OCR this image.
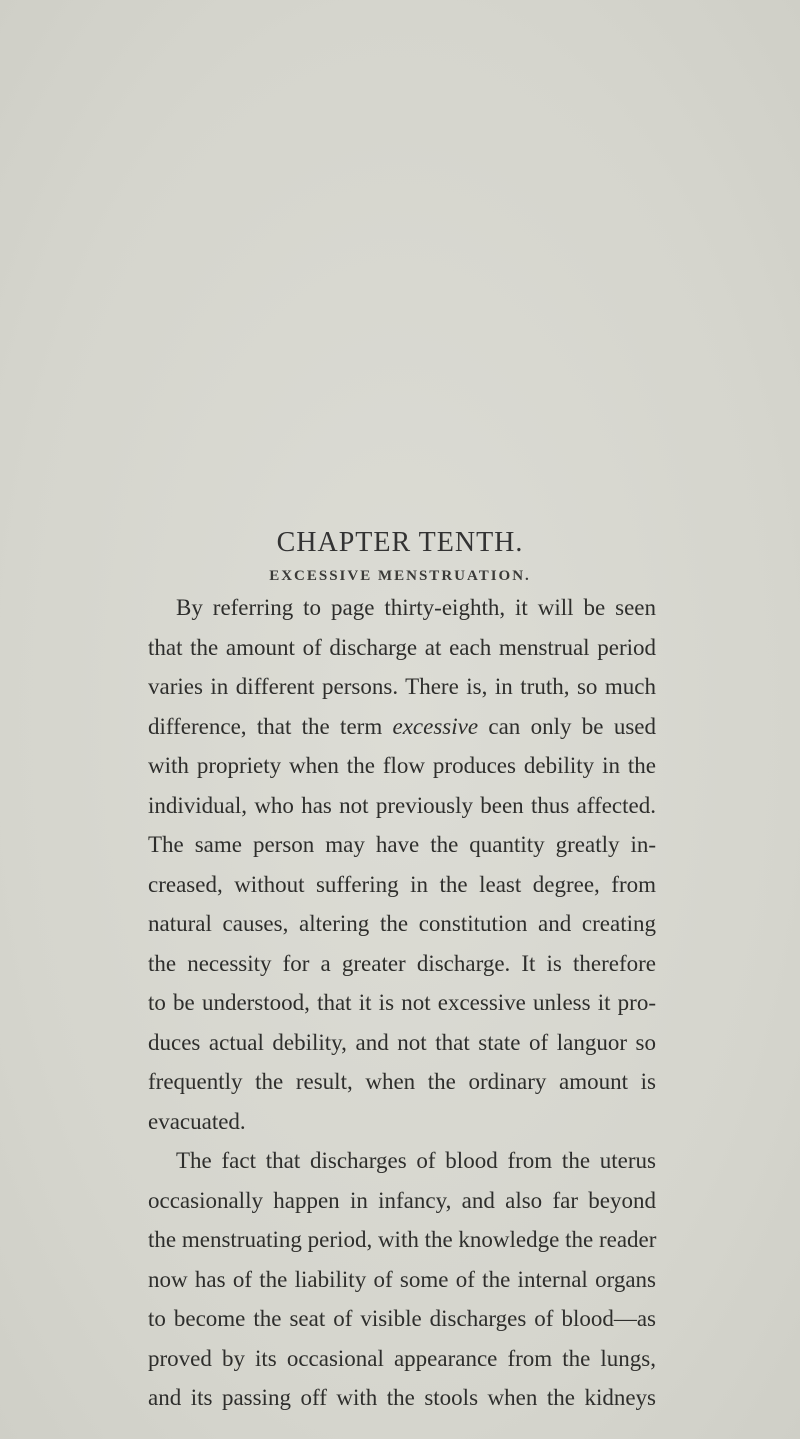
CHAPTER TENTH.
EXCESSIVE MENSTRUATION.
By referring to page thirty-eighth, it will be seen
that the amount of discharge at each menstrual period
varies in different persons. There is, in truth, so much
difference, that the term excessive can only be used
with propriety when the flow produces debility in the
individual, who has not previously been thus affected.
The same person may have the quantity greatly in-
creased, without suffering in the least degree, from
natural causes, altering the constitution and creating
the necessity for a greater discharge. It is therefore
to be understood, that it is not excessive unless it pro-
duces actual debility, and not that state of languor so
frequently the result, when the ordinary amount is
evacuated.
The fact that discharges of blood from the uterus
occasionally happen in infancy, and also far beyond
the menstruating period, with the knowledge the reader
now has of the liability of some of the internal organs
to become the seat of visible discharges of blood—as
proved by its occasional appearance from the lungs,
and its passing off with the stools when the kidneys
